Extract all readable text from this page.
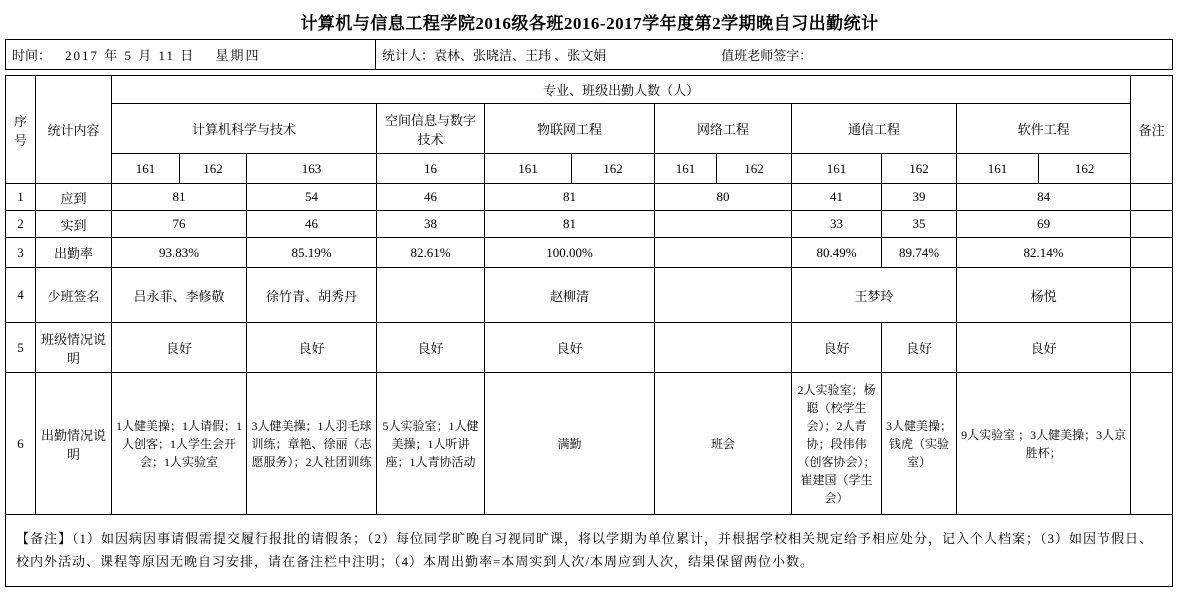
计算机与信息工程学院2016级各班2016-2017学年度第2学期晚自习出勤统计
时间： 2017 年 5 月 11 日　 星期四	统计人：袁林、张晓洁、王玮 、张文娟	值班老师签字：
序号	统计内容	专业、班级出勤人数（人）												备注
		计算机科学与技术			空间信息与数字技术	物联网工程		网络工程		通信工程		软件工程		
		161	162	163	16	161	162	161	162	161	162	161	162	
1	应到	81		54	46	81		80		41	39	84		
2	实到	76		46	38	81				33	35	69		
3	出勤率	93.83%		85.19%	82.61%	100.00%				80.49%	89.74%	82.14%		
4	少班签名	吕永菲、李修敬		徐竹青、胡秀丹		赵柳清				王梦玲		杨悦		
5	班级情况说明	良好		良好	良好	良好				良好	良好	良好		
6	出勤情况说明	1人健美操；1人请假；1人创客；1人学生会开会；1人实验室		3人健美操；1人羽毛球训练；章艳、徐丽（志愿服务）；2人社团训练	5人实验室；1人健美操；1人听讲座；1人青协活动	满勤		班会		2人实验室；杨聪（校学生会）；2人青协；段伟伟（创客协会）；崔建国（学生会）	3人健美操；钱虎（实验室）	9人实验室 ；3人健美操；3人京胜杯；		
【备注】（1）如因病因事请假需提交履行报批的请假条；（2）每位同学旷晚自习视同旷课，将以学期为单位累计，并根据学校相关规定给予相应处分，记入个人档案；（3）如因节假日、校内外活动、课程等原因无晚自习安排，请在备注栏中注明；（4）本周出勤率=本周实到人次/本周应到人次，结果保留两位小数。														
